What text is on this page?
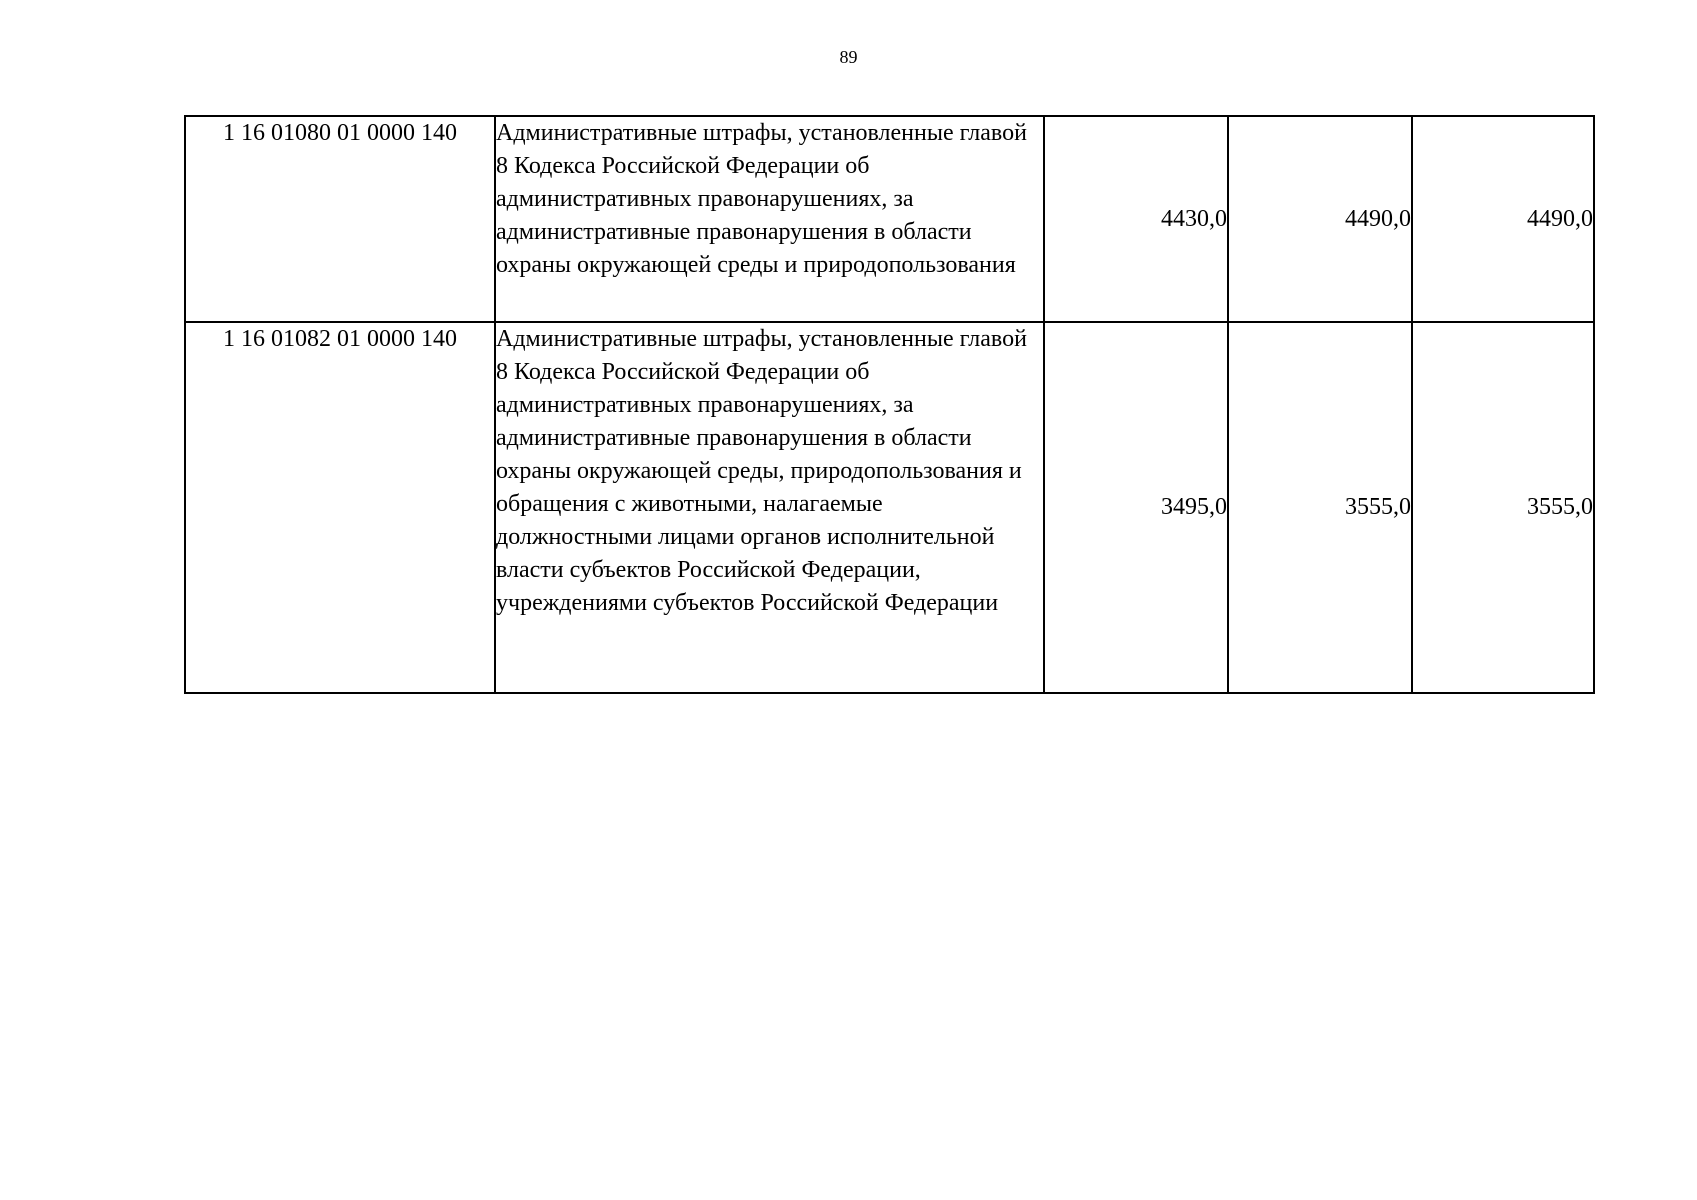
89
1 16 01080 01 0000 140	Административные штрафы, установленные главой 8 Кодекса Российской Федерации об административных правонарушениях, за административные правонарушения в области охраны окружающей среды и природопользования	4430,0	4490,0	4490,0
1 16 01082 01 0000 140	Административные штрафы, установленные главой 8 Кодекса Российской Федерации об административных правонарушениях, за административные правонарушения в области охраны окружающей среды, природопользования и обращения с животными, налагаемые должностными лицами органов исполнительной власти субъектов Российской Федерации, учреждениями субъектов Российской Федерации	3495,0	3555,0	3555,0
